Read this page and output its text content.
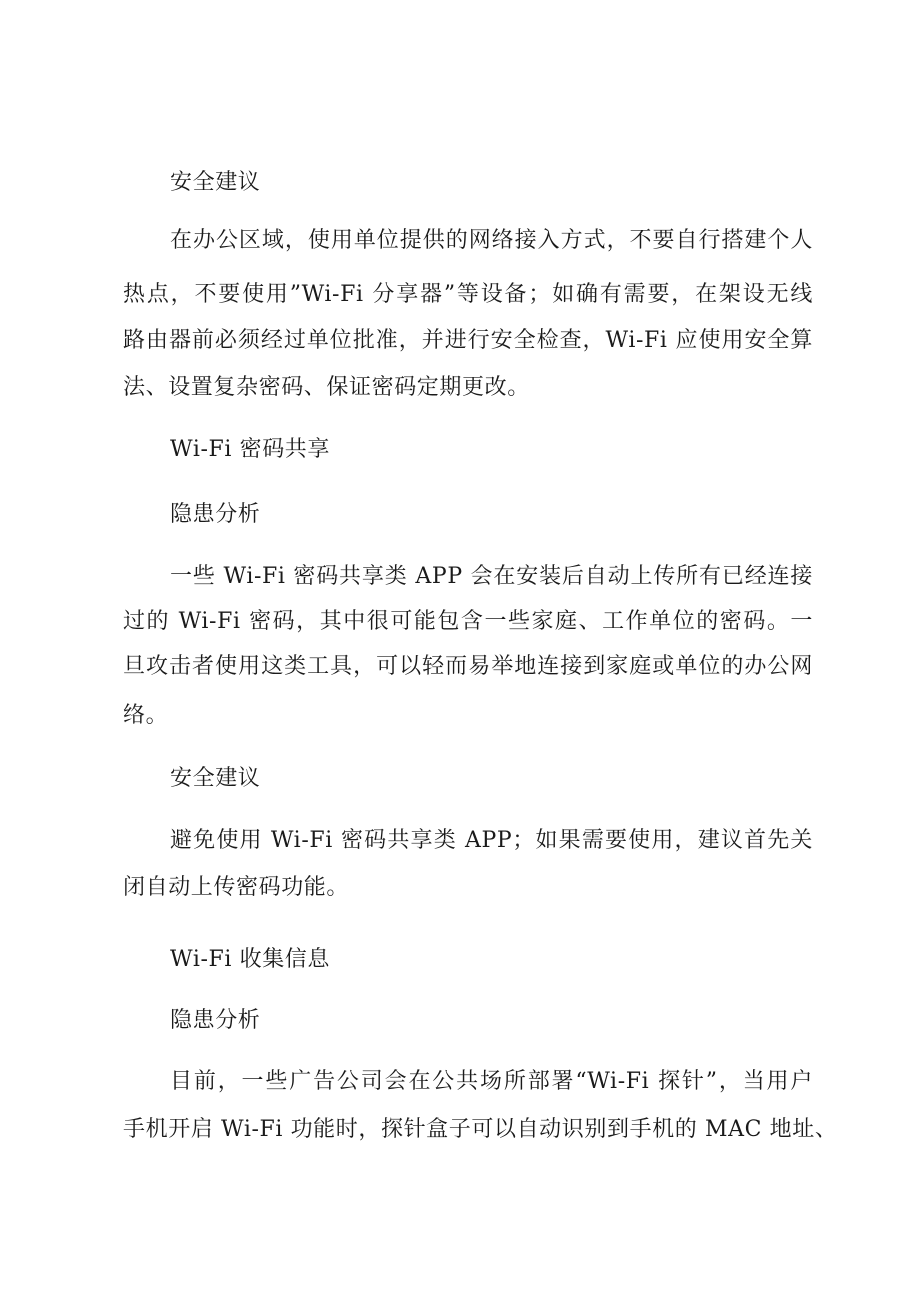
安全建议
在办公区域，使用单位提供的网络接入方式，不要自行搭建个人
热点，不要使用”Wi-Fi 分享器”等设备；如确有需要，在架设无线
路由器前必须经过单位批准，并进行安全检查，Wi-Fi 应使用安全算
法、设置复杂密码、保证密码定期更改。
Wi-Fi 密码共享
隐患分析
一些 Wi-Fi 密码共享类 APP 会在安装后自动上传所有已经连接
过的 Wi-Fi 密码，其中很可能包含一些家庭、工作单位的密码。一
旦攻击者使用这类工具，可以轻而易举地连接到家庭或单位的办公网
络。
安全建议
避免使用 Wi-Fi 密码共享类 APP；如果需要使用，建议首先关
闭自动上传密码功能。
Wi-Fi 收集信息
隐患分析
目前，一些广告公司会在公共场所部署“Wi-Fi 探针”，当用户
手机开启 Wi-Fi 功能时，探针盒子可以自动识别到手机的 MAC 地址、
